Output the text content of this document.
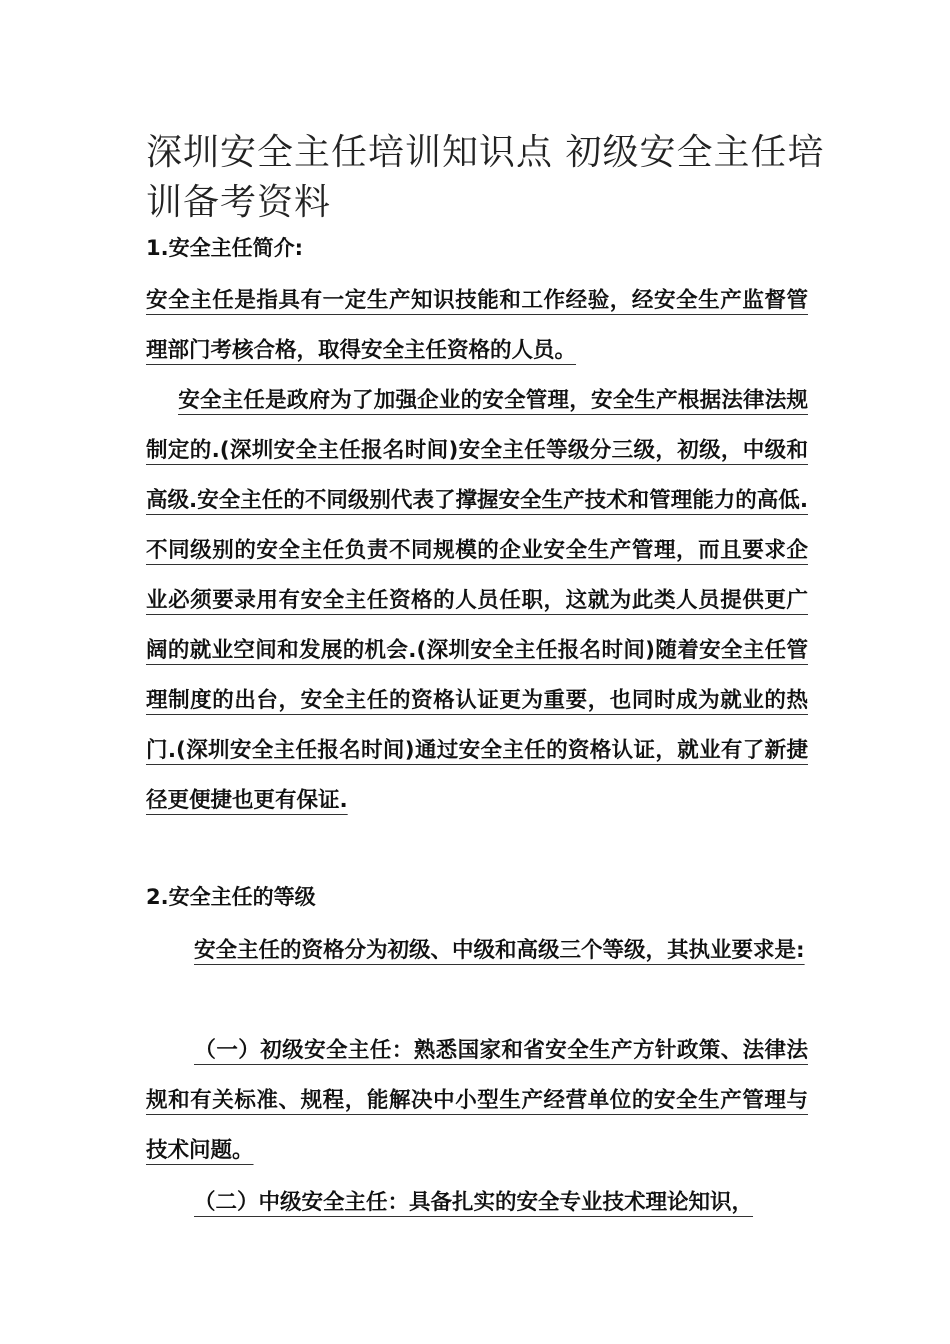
深圳安全主任培训知识点 初级安全主任培训备考资料
1.安全主任简介:

安全主任是指具有一定生产知识技能和工作经验，经安全生产监督管理部门考核合格，取得安全主任资格的人员。

安全主任是政府为了加强企业的安全管理，安全生产根据法律法规制定的.(深圳安全主任报名时间)安全主任等级分三级，初级，中级和高级.安全主任的不同级别代表了撑握安全生产技术和管理能力的高低.不同级别的安全主任负责不同规模的企业安全生产管理，而且要求企业必须要录用有安全主任资格的人员任职，这就为此类人员提供更广阔的就业空间和发展的机会.(深圳安全主任报名时间)随着安全主任管理制度的出台，安全主任的资格认证更为重要，也同时成为就业的热门.(深圳安全主任报名时间)通过安全主任的资格认证，就业有了新捷径更便捷也更有保证.

2.安全主任的等级

安全主任的资格分为初级、中级和高级三个等级，其执业要求是:

（一）初级安全主任：熟悉国家和省安全生产方针政策、法律法规和有关标准、规程，能解决中小型生产经营单位的安全生产管理与技术问题。

（二）中级安全主任：具备扎实的安全专业技术理论知识，
